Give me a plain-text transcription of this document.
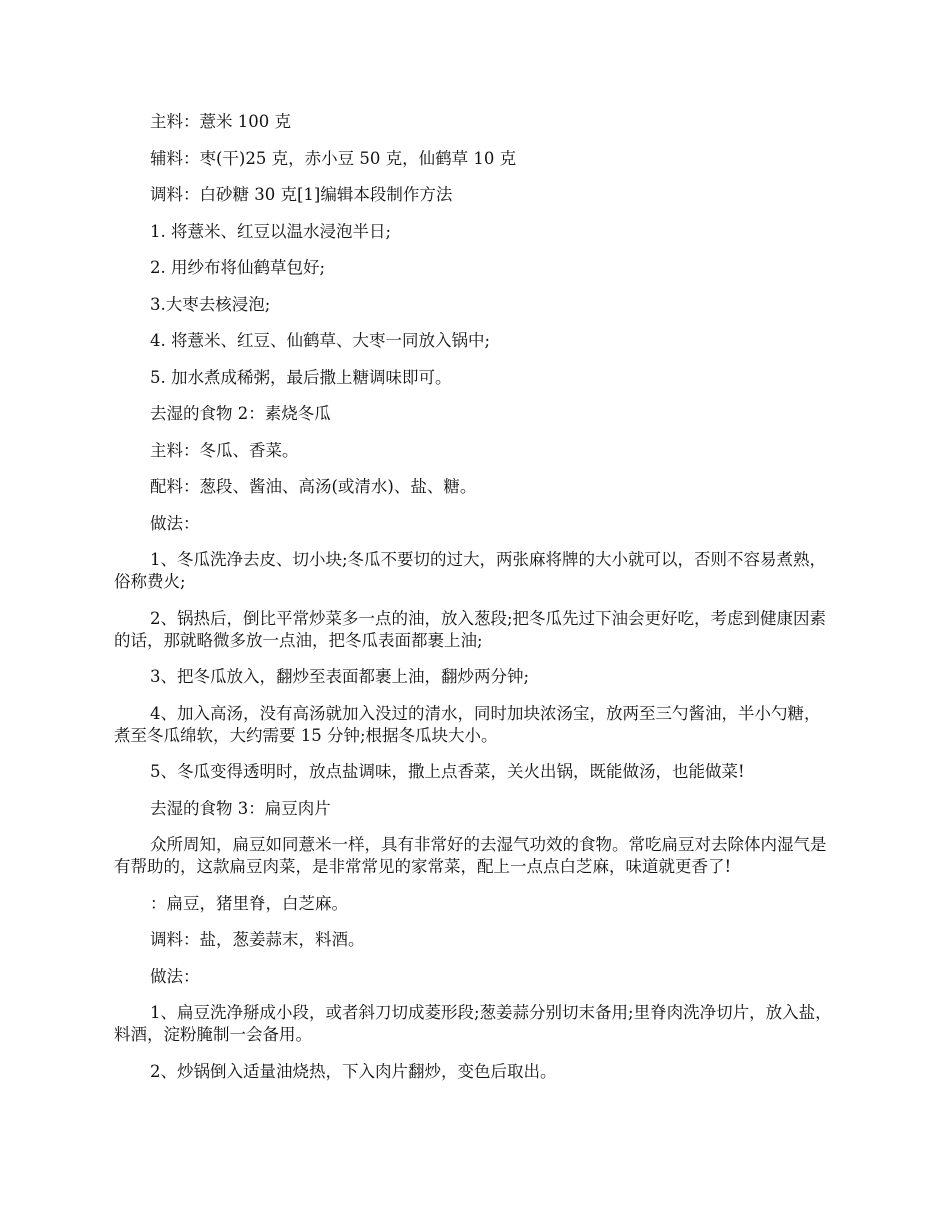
主料：薏米 100 克

辅料：枣(干)25 克，赤小豆 50 克，仙鹤草 10 克

调料：白砂糖 30 克[1]编辑本段制作方法

1. 将薏米、红豆以温水浸泡半日;

2. 用纱布将仙鹤草包好;

3.大枣去核浸泡;

4. 将薏米、红豆、仙鹤草、大枣一同放入锅中;

5. 加水煮成稀粥，最后撒上糖调味即可。

去湿的食物 2：素烧冬瓜

主料：冬瓜、香菜。

配料：葱段、酱油、高汤(或清水)、盐、糖。

做法：

1、冬瓜洗净去皮、切小块;冬瓜不要切的过大，两张麻将牌的大小就可以，否则不容易煮熟，俗称费火;

2、锅热后，倒比平常炒菜多一点的油，放入葱段;把冬瓜先过下油会更好吃，考虑到健康因素的话，那就略微多放一点油，把冬瓜表面都裹上油;

3、把冬瓜放入，翻炒至表面都裹上油，翻炒两分钟;

4、加入高汤，没有高汤就加入没过的清水，同时加块浓汤宝，放两至三勺酱油，半小勺糖，煮至冬瓜绵软，大约需要 15 分钟;根据冬瓜块大小。

5、冬瓜变得透明时，放点盐调味，撒上点香菜，关火出锅，既能做汤，也能做菜!

去湿的食物 3：扁豆肉片

众所周知，扁豆如同薏米一样，具有非常好的去湿气功效的食物。常吃扁豆对去除体内湿气是有帮助的，这款扁豆肉菜，是非常常见的家常菜，配上一点点白芝麻，味道就更香了!

：扁豆，猪里脊，白芝麻。

调料：盐，葱姜蒜末，料酒。

做法：

1、扁豆洗净掰成小段，或者斜刀切成菱形段;葱姜蒜分别切末备用;里脊肉洗净切片，放入盐，料酒，淀粉腌制一会备用。

2、炒锅倒入适量油烧热，下入肉片翻炒，变色后取出。
